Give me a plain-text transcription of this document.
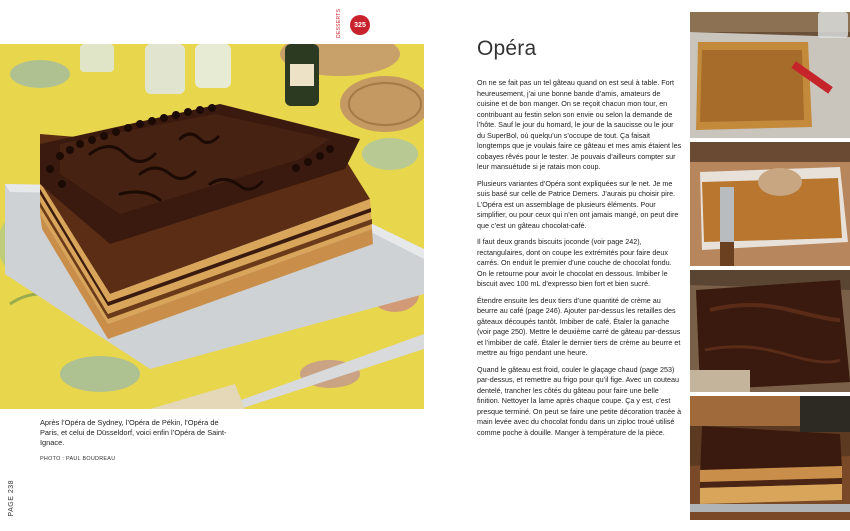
DESSERTS	325
PAGE 238

Après l’Opéra de Sydney, l’Opéra de Pékin, l’Opéra de Paris, et celui de Düsseldorf, voici enfin l’Opéra de Saint-Ignace.

PHOTO : PAUL BOUDREAU
Opéra

On ne se fait pas un tel gâteau quand on est seul à table. Fort heureusement, j’ai une bonne bande d’amis, amateurs de cuisine et de bon manger. On se reçoit chacun mon tour, en contribuant au festin selon son envie ou selon la demande de l’hôte. Sauf le jour du homard, le jour de la saucisse ou le jour du SuperBol, où quelqu’un s’occupe de tout. Ça faisait longtemps que je voulais faire ce gâteau et mes amis étaient les cobayes rêvés pour le tester. Je pouvais d’ailleurs compter sur leur mansuétude si je ratais mon coup.

Plusieurs variantes d’Opéra sont expliquées sur le net. Je me suis basé sur celle de Patrice Demers. J’aurais pu choisir pire. L’Opéra est un assemblage de plusieurs éléments. Pour simplifier, ou pour ceux qui n’en ont jamais mangé, on peut dire que c’est un gâteau chocolat-café.

Il faut deux grands biscuits joconde (voir page 242), rectangulaires, dont on coupe les extrémités pour faire deux carrés. On enduit le premier d’une couche de chocolat fondu. On le retourne pour avoir le chocolat en dessous. Imbiber le biscuit avec 100 mL d’expresso bien fort et bien sucré.

Étendre ensuite les deux tiers d’une quantité de crème au beurre au café (page 246). Ajouter par-dessus les retailles des gâteaux découpés tantôt. Imbiber de café. Étaler la ganache (voir page 250). Mettre le deuxième carré de gâteau par-dessus et l’imbiber de café. Étaler le dernier tiers de crème au beurre et mettre au frigo pendant une heure.

Quand le gâteau est froid, couler le glaçage chaud (page 253) par-dessus, et remettre au frigo pour qu’il fige. Avec un couteau dentelé, trancher les côtés du gâteau pour faire une belle finition. Nettoyer la lame après chaque coupe. Ça y est, c’est presque terminé. On peut se faire une petite décoration tracée à main levée avec du chocolat fondu dans un ziploc troué utilisé comme poche à douille. Manger à température de la pièce.
